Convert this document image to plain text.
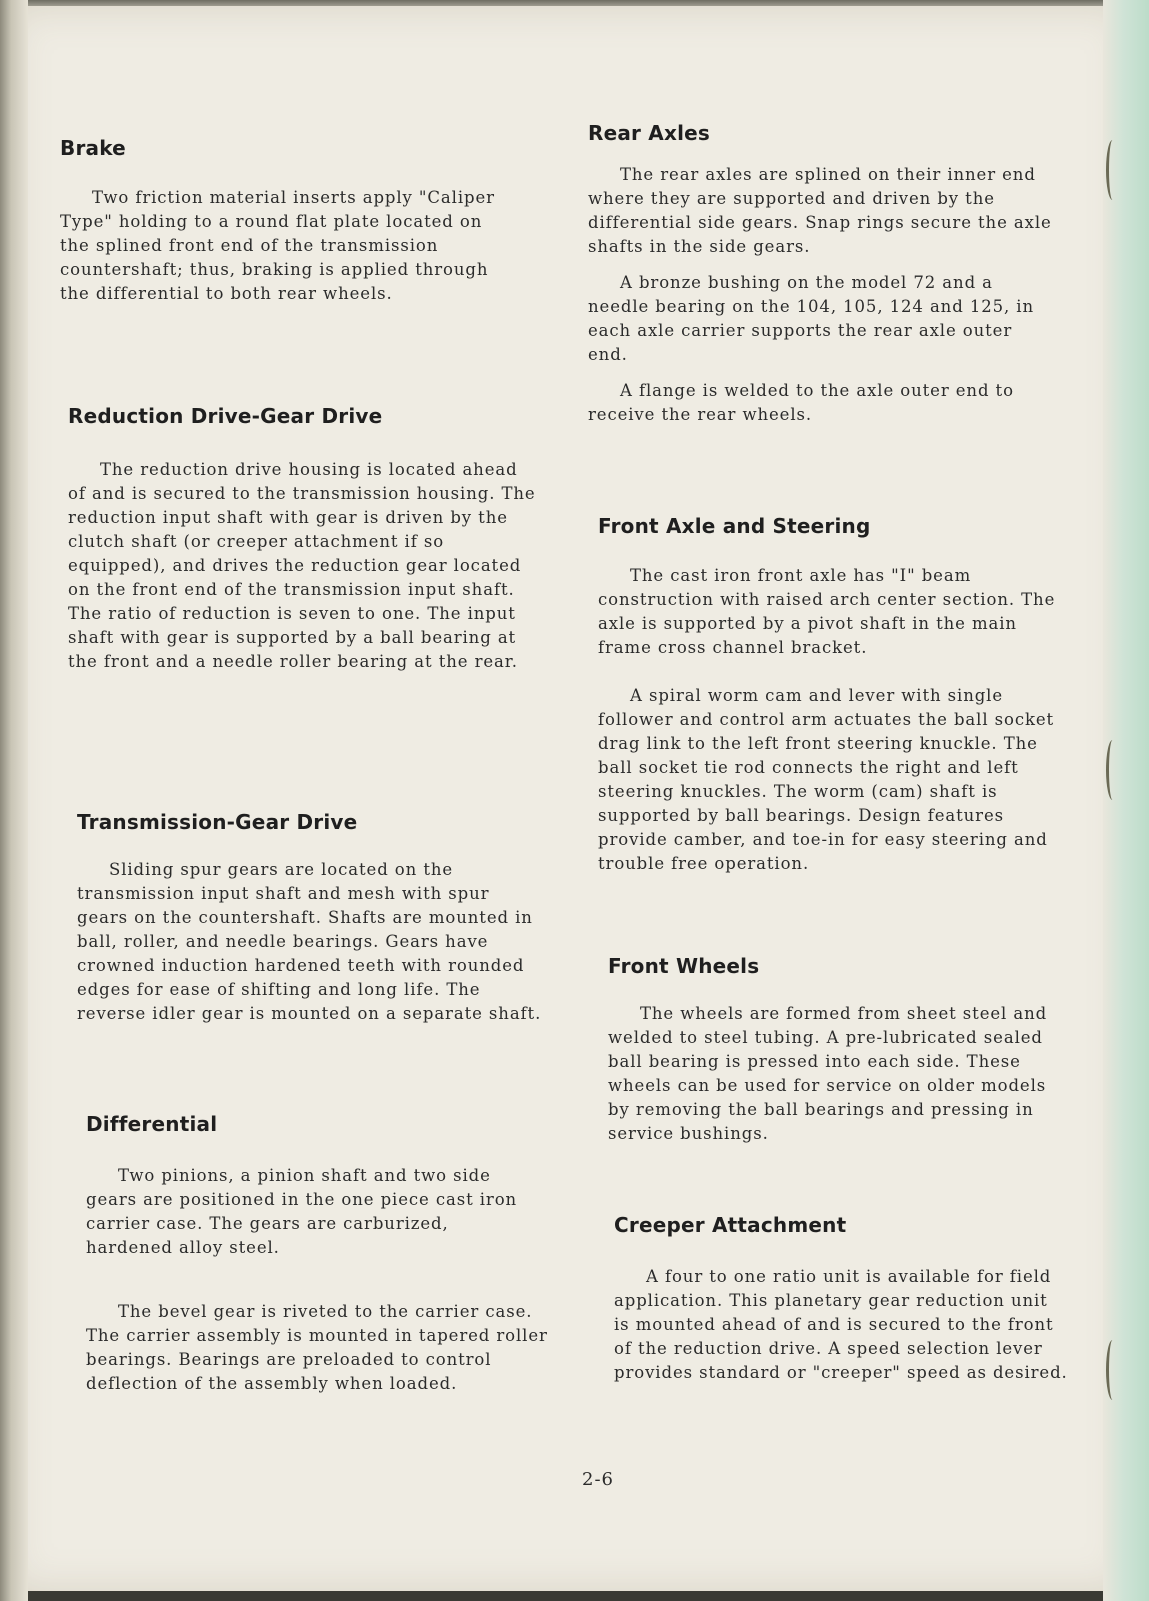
Brake

Two friction material inserts apply "Caliper Type" holding to a round flat plate located on the splined front end of the transmission countershaft; thus, braking is applied through the differential to both rear wheels.

Reduction Drive-Gear Drive

The reduction drive housing is located ahead of and is secured to the transmission housing. The reduction input shaft with gear is driven by the clutch shaft (or creeper attachment if so equipped), and drives the reduction gear located on the front end of the transmission input shaft. The ratio of reduction is seven to one. The input shaft with gear is supported by a ball bearing at the front and a needle roller bearing at the rear.

Transmission-Gear Drive

Sliding spur gears are located on the transmission input shaft and mesh with spur gears on the countershaft. Shafts are mounted in ball, roller, and needle bearings. Gears have crowned induction hardened teeth with rounded edges for ease of shifting and long life. The reverse idler gear is mounted on a separate shaft.

Differential

Two pinions, a pinion shaft and two side gears are positioned in the one piece cast iron carrier case. The gears are carburized, hardened alloy steel.

The bevel gear is riveted to the carrier case. The carrier assembly is mounted in tapered roller bearings. Bearings are preloaded to control deflection of the assembly when loaded.

Rear Axles

The rear axles are splined on their inner end where they are supported and driven by the differential side gears. Snap rings secure the axle shafts in the side gears.

A bronze bushing on the model 72 and a needle bearing on the 104, 105, 124 and 125, in each axle carrier supports the rear axle outer end.

A flange is welded to the axle outer end to receive the rear wheels.

Front Axle and Steering

The cast iron front axle has "I" beam construction with raised arch center section. The axle is supported by a pivot shaft in the main frame cross channel bracket.

A spiral worm cam and lever with single follower and control arm actuates the ball socket drag link to the left front steering knuckle. The ball socket tie rod connects the right and left steering knuckles. The worm (cam) shaft is supported by ball bearings. Design features provide camber, and toe-in for easy steering and trouble free operation.

Front Wheels

The wheels are formed from sheet steel and welded to steel tubing. A pre-lubricated sealed ball bearing is pressed into each side. These wheels can be used for service on older models by removing the ball bearings and pressing in service bushings.

Creeper Attachment

A four to one ratio unit is available for field application. This planetary gear reduction unit is mounted ahead of and is secured to the front of the reduction drive. A speed selection lever provides standard or "creeper" speed as desired.

2-6
